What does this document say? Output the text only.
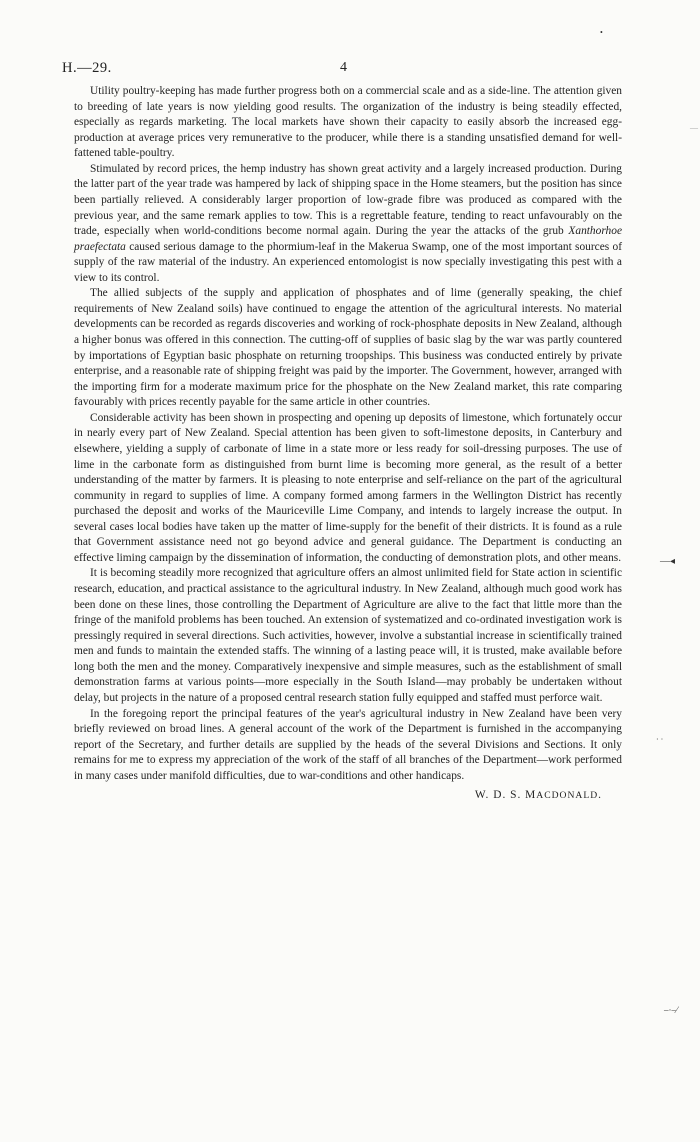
H.—29.	4

Utility poultry-keeping has made further progress both on a commercial scale and as a side-line. The attention given to breeding of late years is now yielding good results. The organization of the industry is being steadily effected, especially as regards marketing. The local markets have shown their capacity to easily absorb the increased egg-production at average prices very remunerative to the producer, while there is a standing unsatisfied demand for well-fattened table-poultry.

Stimulated by record prices, the hemp industry has shown great activity and a largely increased production. During the latter part of the year trade was hampered by lack of shipping space in the Home steamers, but the position has since been partially relieved. A considerably larger proportion of low-grade fibre was produced as compared with the previous year, and the same remark applies to tow. This is a regrettable feature, tending to react unfavourably on the trade, especially when world-conditions become normal again. During the year the attacks of the grub Xanthorhoe praefectata caused serious damage to the phormium-leaf in the Makerua Swamp, one of the most important sources of supply of the raw material of the industry. An experienced entomologist is now specially investigating this pest with a view to its control.

The allied subjects of the supply and application of phosphates and of lime (generally speaking, the chief requirements of New Zealand soils) have continued to engage the attention of the agricultural interests. No material developments can be recorded as regards discoveries and working of rock-phosphate deposits in New Zealand, although a higher bonus was offered in this connection. The cutting-off of supplies of basic slag by the war was partly countered by importations of Egyptian basic phosphate on returning troopships. This business was conducted entirely by private enterprise, and a reasonable rate of shipping freight was paid by the importer. The Government, however, arranged with the importing firm for a moderate maximum price for the phosphate on the New Zealand market, this rate comparing favourably with prices recently payable for the same article in other countries.

Considerable activity has been shown in prospecting and opening up deposits of limestone, which fortunately occur in nearly every part of New Zealand. Special attention has been given to soft-limestone deposits, in Canterbury and elsewhere, yielding a supply of carbonate of lime in a state more or less ready for soil-dressing purposes. The use of lime in the carbonate form as distinguished from burnt lime is becoming more general, as the result of a better understanding of the matter by farmers. It is pleasing to note enterprise and self-reliance on the part of the agricultural community in regard to supplies of lime. A company formed among farmers in the Wellington District has recently purchased the deposit and works of the Mauriceville Lime Company, and intends to largely increase the output. In several cases local bodies have taken up the matter of lime-supply for the benefit of their districts. It is found as a rule that Government assistance need not go beyond advice and general guidance. The Department is conducting an effective liming campaign by the dissemination of information, the conducting of demonstration plots, and other means.

It is becoming steadily more recognized that agriculture offers an almost unlimited field for State action in scientific research, education, and practical assistance to the agricultural industry. In New Zealand, although much good work has been done on these lines, those controlling the Department of Agriculture are alive to the fact that little more than the fringe of the manifold problems has been touched. An extension of systematized and co-ordinated investigation work is pressingly required in several directions. Such activities, however, involve a substantial increase in scientifically trained men and funds to maintain the extended staffs. The winning of a lasting peace will, it is trusted, make available before long both the men and the money. Comparatively inexpensive and simple measures, such as the establishment of small demonstration farms at various points—more especially in the South Island—may probably be undertaken without delay, but projects in the nature of a proposed central research station fully equipped and staffed must perforce wait.

In the foregoing report the principal features of the year's agricultural industry in New Zealand have been very briefly reviewed on broad lines. A general account of the work of the Department is furnished in the accompanying report of the Secretary, and further details are supplied by the heads of the several Divisions and Sections. It only remains for me to express my appreciation of the work of the staff of all branches of the Department—work performed in many cases under manifold difficulties, due to war-conditions and other handicaps.

W. D. S. MACDONALD.
•
—
—◂
· ·
–·–⁄
